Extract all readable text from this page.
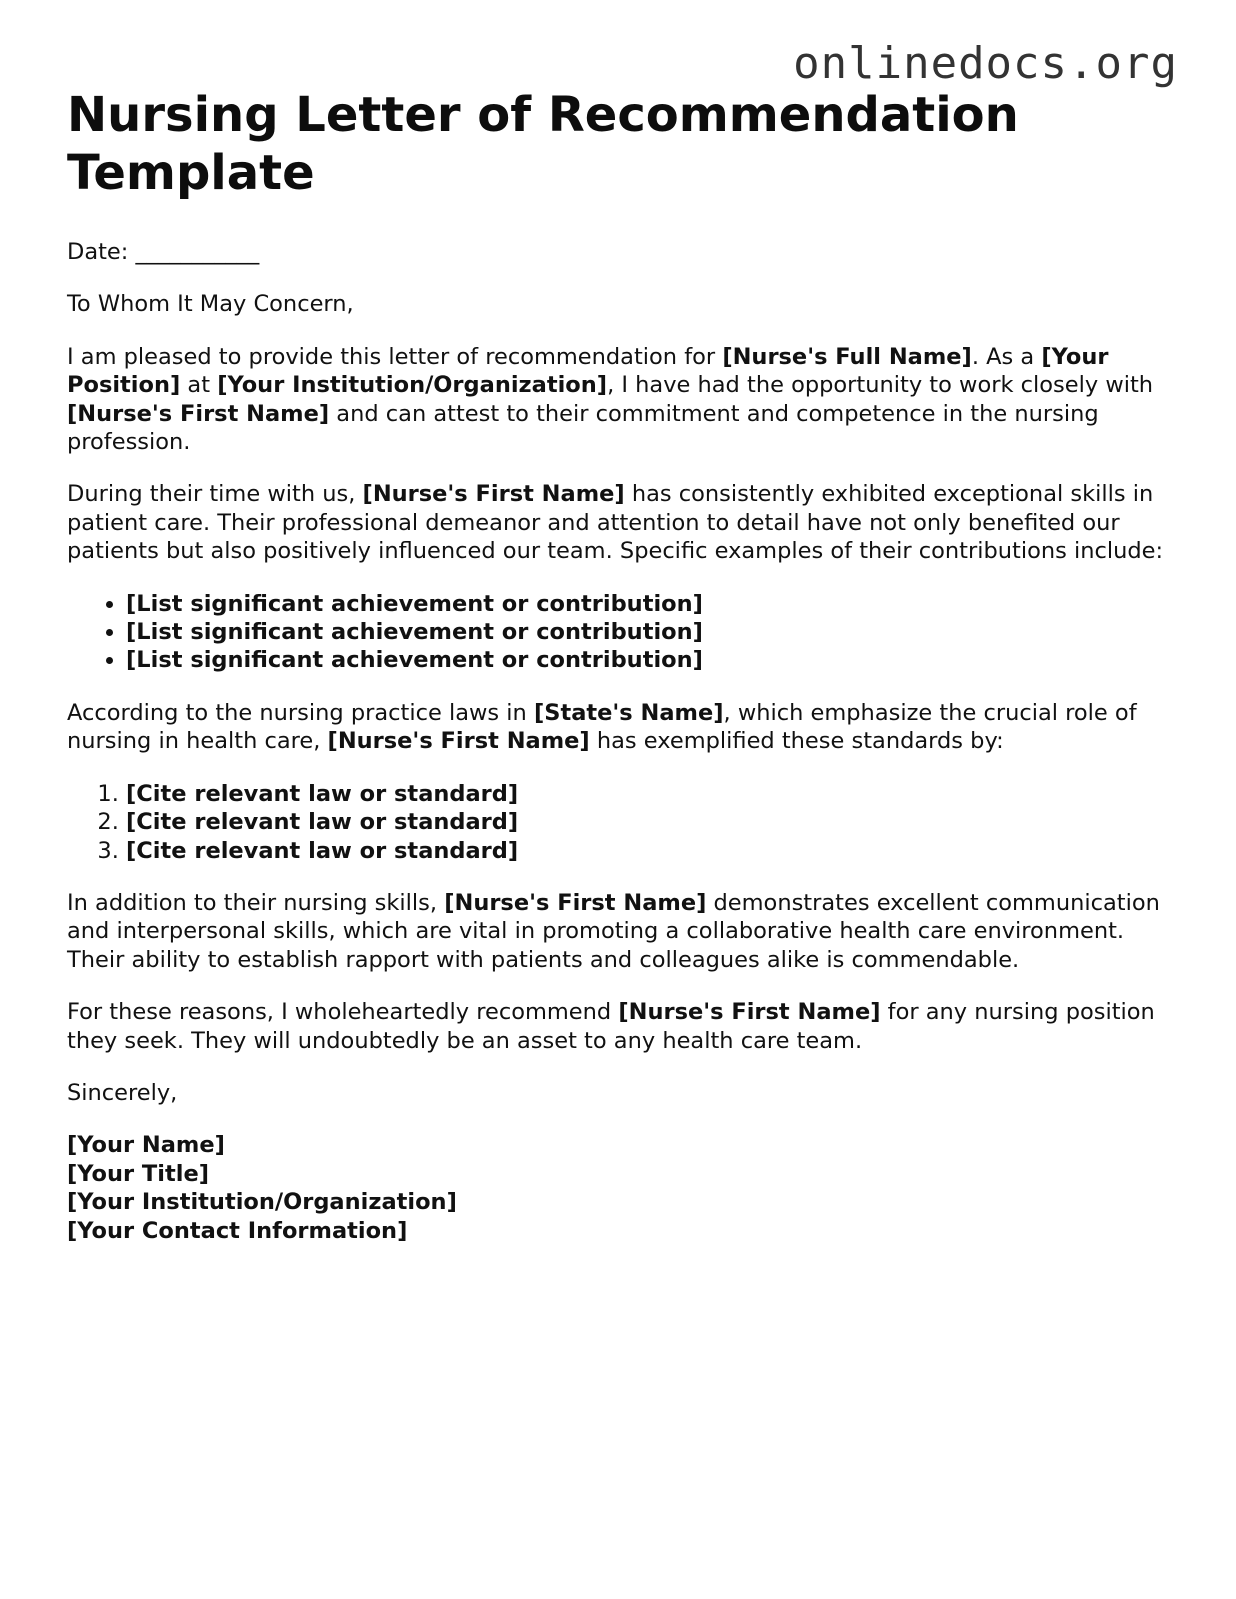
onlinedocs.org
Nursing Letter of Recommendation Template

Date: ___________

To Whom It May Concern,

I am pleased to provide this letter of recommendation for [Nurse's Full Name]. As a [Your Position] at [Your Institution/Organization], I have had the opportunity to work closely with [Nurse's First Name] and can attest to their commitment and competence in the nursing profession.

During their time with us, [Nurse's First Name] has consistently exhibited exceptional skills in patient care. Their professional demeanor and attention to detail have not only benefited our patients but also positively influenced our team. Specific examples of their contributions include:

• [List significant achievement or contribution]
• [List significant achievement or contribution]
• [List significant achievement or contribution]

According to the nursing practice laws in [State's Name], which emphasize the crucial role of nursing in health care, [Nurse's First Name] has exemplified these standards by:

1. [Cite relevant law or standard]
2. [Cite relevant law or standard]
3. [Cite relevant law or standard]

In addition to their nursing skills, [Nurse's First Name] demonstrates excellent communication and interpersonal skills, which are vital in promoting a collaborative health care environment. Their ability to establish rapport with patients and colleagues alike is commendable.

For these reasons, I wholeheartedly recommend [Nurse's First Name] for any nursing position they seek. They will undoubtedly be an asset to any health care team.

Sincerely,

[Your Name]
[Your Title]
[Your Institution/Organization]
[Your Contact Information]
